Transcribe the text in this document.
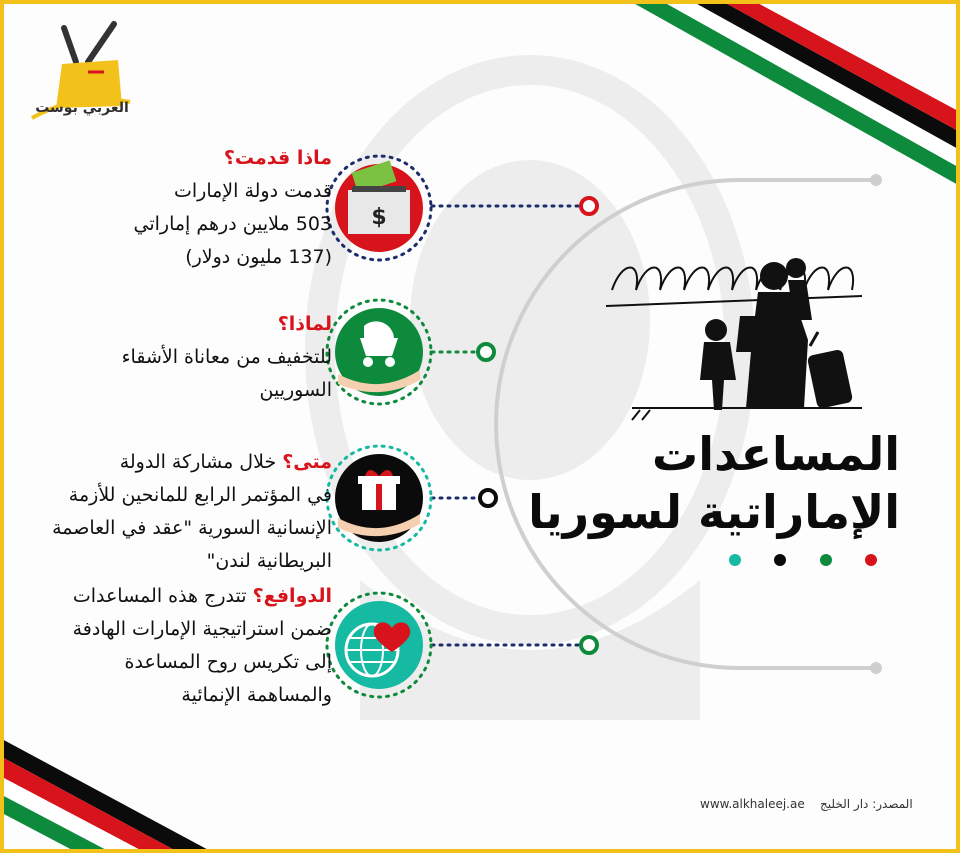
العربي بوست
$
المساعدات
الإماراتية لسوريا
ماذا قدمت؟
قدمت دولة الإمارات
503 ملايين درهم إماراتي
(137 مليون دولار)
لماذا؟
للتخفيف من معاناة الأشقاء
السوريين
متى؟ خلال مشاركة الدولة
في المؤتمر الرابع للمانحين للأزمة
الإنسانية السورية "عقد في العاصمة
البريطانية لندن"
الدوافع؟ تتدرج هذه المساعدات
ضمن استراتيجية الإمارات الهادفة
إلى تكريس روح المساعدة
والمساهمة الإنمائية
www.alkhaleej.ae المصدر: دار الخليج
